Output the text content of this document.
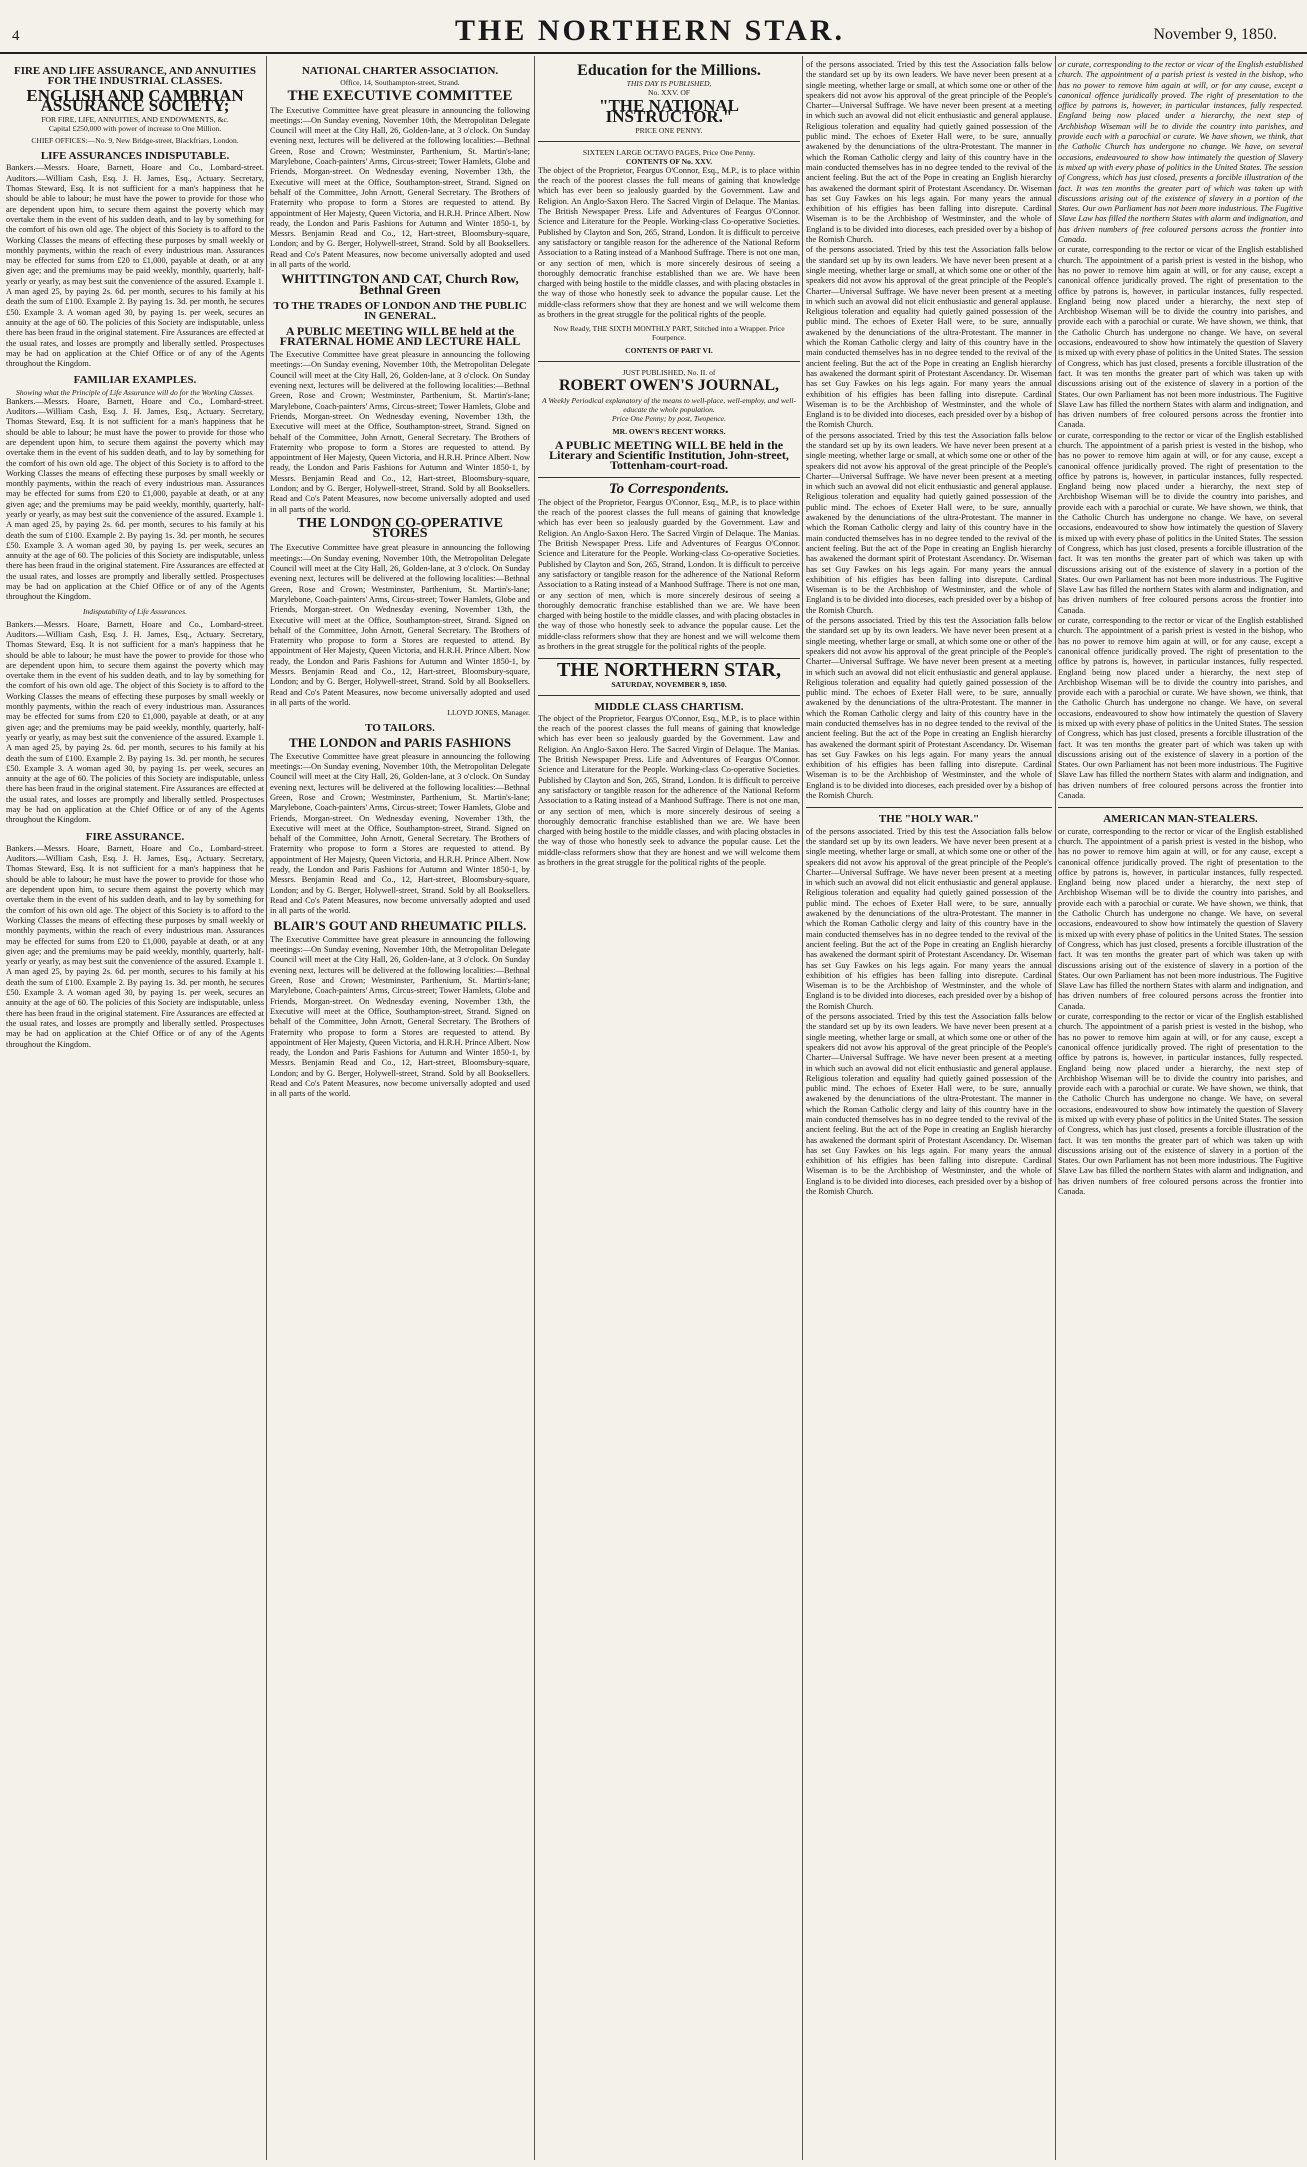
4	THE NORTHERN STAR.	November 9, 1850.
FIRE AND LIFE ASSURANCE, AND ANNUITIES FOR THE INDUSTRIAL CLASSES.
ENGLISH AND CAMBRIAN ASSURANCE SOCIETY;
FOR FIRE, LIFE, ANNUITIES, AND ENDOWMENTS, &c.
Capital £250,000 with power of increase to One Million.
CHIEF OFFICES:—No. 9, New Bridge-street, Blackfriars, London.
LIFE ASSURANCES INDISPUTABLE.
Bankers.—Messrs. Hoare, Barnett, Hoare and Co., Lombard-street. Auditors.—William Cash, Esq. J. H. James, Esq., Actuary. Secretary, Thomas Steward, Esq. It is not sufficient for a man's happiness that he should be able to labour; he must have the power to provide for those who are dependent upon him, to secure them against the poverty which may overtake them in the event of his sudden death, and to lay by something for the comfort of his own old age. The object of this Society is to afford to the Working Classes the means of effecting these purposes by small weekly or monthly payments, within the reach of every industrious man. Assurances may be effected for sums from £20 to £1,000, payable at death, or at any given age; and the premiums may be paid weekly, monthly, quarterly, half-yearly or yearly, as may best suit the convenience of the assured. Example 1. A man aged 25, by paying 2s. 6d. per month, secures to his family at his death the sum of £100. Example 2. By paying 1s. 3d. per month, he secures £50. Example 3. A woman aged 30, by paying 1s. per week, secures an annuity at the age of 60. The policies of this Society are indisputable, unless there has been fraud in the original statement. Fire Assurances are effected at the usual rates, and losses are promptly and liberally settled. Prospectuses may be had on application at the Chief Office or of any of the Agents throughout the Kingdom.
FAMILIAR EXAMPLES.
Showing what the Principle of Life Assurance will do for the Working Classes.
Bankers.—Messrs. Hoare, Barnett, Hoare and Co., Lombard-street. Auditors.—William Cash, Esq. J. H. James, Esq., Actuary. Secretary, Thomas Steward, Esq. It is not sufficient for a man's happiness that he should be able to labour; he must have the power to provide for those who are dependent upon him, to secure them against the poverty which may overtake them in the event of his sudden death, and to lay by something for the comfort of his own old age. The object of this Society is to afford to the Working Classes the means of effecting these purposes by small weekly or monthly payments, within the reach of every industrious man. Assurances may be effected for sums from £20 to £1,000, payable at death, or at any given age; and the premiums may be paid weekly, monthly, quarterly, half-yearly or yearly, as may best suit the convenience of the assured. Example 1. A man aged 25, by paying 2s. 6d. per month, secures to his family at his death the sum of £100. Example 2. By paying 1s. 3d. per month, he secures £50. Example 3. A woman aged 30, by paying 1s. per week, secures an annuity at the age of 60. The policies of this Society are indisputable, unless there has been fraud in the original statement. Fire Assurances are effected at the usual rates, and losses are promptly and liberally settled. Prospectuses may be had on application at the Chief Office or of any of the Agents throughout the Kingdom.
Indisputability of Life Assurances.
Bankers.—Messrs. Hoare, Barnett, Hoare and Co., Lombard-street. Auditors.—William Cash, Esq. J. H. James, Esq., Actuary. Secretary, Thomas Steward, Esq. It is not sufficient for a man's happiness that he should be able to labour; he must have the power to provide for those who are dependent upon him, to secure them against the poverty which may overtake them in the event of his sudden death, and to lay by something for the comfort of his own old age. The object of this Society is to afford to the Working Classes the means of effecting these purposes by small weekly or monthly payments, within the reach of every industrious man. Assurances may be effected for sums from £20 to £1,000, payable at death, or at any given age; and the premiums may be paid weekly, monthly, quarterly, half-yearly or yearly, as may best suit the convenience of the assured. Example 1. A man aged 25, by paying 2s. 6d. per month, secures to his family at his death the sum of £100. Example 2. By paying 1s. 3d. per month, he secures £50. Example 3. A woman aged 30, by paying 1s. per week, secures an annuity at the age of 60. The policies of this Society are indisputable, unless there has been fraud in the original statement. Fire Assurances are effected at the usual rates, and losses are promptly and liberally settled. Prospectuses may be had on application at the Chief Office or of any of the Agents throughout the Kingdom.
FIRE ASSURANCE.
Bankers.—Messrs. Hoare, Barnett, Hoare and Co., Lombard-street. Auditors.—William Cash, Esq. J. H. James, Esq., Actuary. Secretary, Thomas Steward, Esq. It is not sufficient for a man's happiness that he should be able to labour; he must have the power to provide for those who are dependent upon him, to secure them against the poverty which may overtake them in the event of his sudden death, and to lay by something for the comfort of his own old age. The object of this Society is to afford to the Working Classes the means of effecting these purposes by small weekly or monthly payments, within the reach of every industrious man. Assurances may be effected for sums from £20 to £1,000, payable at death, or at any given age; and the premiums may be paid weekly, monthly, quarterly, half-yearly or yearly, as may best suit the convenience of the assured. Example 1. A man aged 25, by paying 2s. 6d. per month, secures to his family at his death the sum of £100. Example 2. By paying 1s. 3d. per month, he secures £50. Example 3. A woman aged 30, by paying 1s. per week, secures an annuity at the age of 60. The policies of this Society are indisputable, unless there has been fraud in the original statement. Fire Assurances are effected at the usual rates, and losses are promptly and liberally settled. Prospectuses may be had on application at the Chief Office or of any of the Agents throughout the Kingdom.
NATIONAL CHARTER ASSOCIATION.
Office, 14, Southampton-street, Strand.
THE EXECUTIVE COMMITTEE
The Executive Committee have great pleasure in announcing the following meetings:—On Sunday evening, November 10th, the Metropolitan Delegate Council will meet at the City Hall, 26, Golden-lane, at 3 o'clock. On Sunday evening next, lectures will be delivered at the following localities:—Bethnal Green, Rose and Crown; Westminster, Parthenium, St. Martin's-lane; Marylebone, Coach-painters' Arms, Circus-street; Tower Hamlets, Globe and Friends, Morgan-street. On Wednesday evening, November 13th, the Executive will meet at the Office, Southampton-street, Strand. Signed on behalf of the Committee, John Arnott, General Secretary. The Brothers of Fraternity who propose to form a Stores are requested to attend. By appointment of Her Majesty, Queen Victoria, and H.R.H. Prince Albert. Now ready, the London and Paris Fashions for Autumn and Winter 1850-1, by Messrs. Benjamin Read and Co., 12, Hart-street, Bloomsbury-square, London; and by G. Berger, Holywell-street, Strand. Sold by all Booksellers. Read and Co's Patent Measures, now become universally adopted and used in all parts of the world.
WHITTINGTON AND CAT, Church Row, Bethnal Green
TO THE TRADES OF LONDON AND THE PUBLIC IN GENERAL.
A PUBLIC MEETING WILL BE held at the FRATERNAL HOME AND LECTURE HALL
The Executive Committee have great pleasure in announcing the following meetings:—On Sunday evening, November 10th, the Metropolitan Delegate Council will meet at the City Hall, 26, Golden-lane, at 3 o'clock. On Sunday evening next, lectures will be delivered at the following localities:—Bethnal Green, Rose and Crown; Westminster, Parthenium, St. Martin's-lane; Marylebone, Coach-painters' Arms, Circus-street; Tower Hamlets, Globe and Friends, Morgan-street. On Wednesday evening, November 13th, the Executive will meet at the Office, Southampton-street, Strand. Signed on behalf of the Committee, John Arnott, General Secretary. The Brothers of Fraternity who propose to form a Stores are requested to attend. By appointment of Her Majesty, Queen Victoria, and H.R.H. Prince Albert. Now ready, the London and Paris Fashions for Autumn and Winter 1850-1, by Messrs. Benjamin Read and Co., 12, Hart-street, Bloomsbury-square, London; and by G. Berger, Holywell-street, Strand. Sold by all Booksellers. Read and Co's Patent Measures, now become universally adopted and used in all parts of the world.
THE LONDON CO-OPERATIVE STORES
The Executive Committee have great pleasure in announcing the following meetings:—On Sunday evening, November 10th, the Metropolitan Delegate Council will meet at the City Hall, 26, Golden-lane, at 3 o'clock. On Sunday evening next, lectures will be delivered at the following localities:—Bethnal Green, Rose and Crown; Westminster, Parthenium, St. Martin's-lane; Marylebone, Coach-painters' Arms, Circus-street; Tower Hamlets, Globe and Friends, Morgan-street. On Wednesday evening, November 13th, the Executive will meet at the Office, Southampton-street, Strand. Signed on behalf of the Committee, John Arnott, General Secretary. The Brothers of Fraternity who propose to form a Stores are requested to attend. By appointment of Her Majesty, Queen Victoria, and H.R.H. Prince Albert. Now ready, the London and Paris Fashions for Autumn and Winter 1850-1, by Messrs. Benjamin Read and Co., 12, Hart-street, Bloomsbury-square, London; and by G. Berger, Holywell-street, Strand. Sold by all Booksellers. Read and Co's Patent Measures, now become universally adopted and used in all parts of the world.
LLOYD JONES, Manager.
TO TAILORS.
THE LONDON and PARIS FASHIONS
The Executive Committee have great pleasure in announcing the following meetings:—On Sunday evening, November 10th, the Metropolitan Delegate Council will meet at the City Hall, 26, Golden-lane, at 3 o'clock. On Sunday evening next, lectures will be delivered at the following localities:—Bethnal Green, Rose and Crown; Westminster, Parthenium, St. Martin's-lane; Marylebone, Coach-painters' Arms, Circus-street; Tower Hamlets, Globe and Friends, Morgan-street. On Wednesday evening, November 13th, the Executive will meet at the Office, Southampton-street, Strand. Signed on behalf of the Committee, John Arnott, General Secretary. The Brothers of Fraternity who propose to form a Stores are requested to attend. By appointment of Her Majesty, Queen Victoria, and H.R.H. Prince Albert. Now ready, the London and Paris Fashions for Autumn and Winter 1850-1, by Messrs. Benjamin Read and Co., 12, Hart-street, Bloomsbury-square, London; and by G. Berger, Holywell-street, Strand. Sold by all Booksellers. Read and Co's Patent Measures, now become universally adopted and used in all parts of the world.
BLAIR'S GOUT AND RHEUMATIC PILLS.
The Executive Committee have great pleasure in announcing the following meetings:—On Sunday evening, November 10th, the Metropolitan Delegate Council will meet at the City Hall, 26, Golden-lane, at 3 o'clock. On Sunday evening next, lectures will be delivered at the following localities:—Bethnal Green, Rose and Crown; Westminster, Parthenium, St. Martin's-lane; Marylebone, Coach-painters' Arms, Circus-street; Tower Hamlets, Globe and Friends, Morgan-street. On Wednesday evening, November 13th, the Executive will meet at the Office, Southampton-street, Strand. Signed on behalf of the Committee, John Arnott, General Secretary. The Brothers of Fraternity who propose to form a Stores are requested to attend. By appointment of Her Majesty, Queen Victoria, and H.R.H. Prince Albert. Now ready, the London and Paris Fashions for Autumn and Winter 1850-1, by Messrs. Benjamin Read and Co., 12, Hart-street, Bloomsbury-square, London; and by G. Berger, Holywell-street, Strand. Sold by all Booksellers. Read and Co's Patent Measures, now become universally adopted and used in all parts of the world.
Education for the Millions.
THIS DAY IS PUBLISHED,
No. XXV. OF
"THE NATIONAL INSTRUCTOR."
PRICE ONE PENNY.
SIXTEEN LARGE OCTAVO PAGES, Price One Penny.
CONTENTS OF No. XXV.
The object of the Proprietor, Feargus O'Connor, Esq., M.P., is to place within the reach of the poorest classes the full means of gaining that knowledge which has ever been so jealously guarded by the Government. Law and Religion. An Anglo-Saxon Hero. The Sacred Virgin of Delaque. The Manias. The British Newspaper Press. Life and Adventures of Feargus O'Connor. Science and Literature for the People. Working-class Co-operative Societies. Published by Clayton and Son, 265, Strand, London. It is difficult to perceive any satisfactory or tangible reason for the adherence of the National Reform Association to a Rating instead of a Manhood Suffrage. There is not one man, or any section of men, which is more sincerely desirous of seeing a thoroughly democratic franchise established than we are. We have been charged with being hostile to the middle classes, and with placing obstacles in the way of those who honestly seek to advance the popular cause. Let the middle-class reformers show that they are honest and we will welcome them as brothers in the great struggle for the political rights of the people.
Now Ready, THE SIXTH MONTHLY PART, Stitched into a Wrapper. Price Fourpence.
CONTENTS OF PART VI.
JUST PUBLISHED, No. II. of
ROBERT OWEN'S JOURNAL,
A Weekly Periodical explanatory of the means to well-place, well-employ, and well-educate the whole population.
Price One Penny; by post, Twopence.
MR. OWEN'S RECENT WORKS.
A PUBLIC MEETING WILL BE held in the Literary and Scientific Institution, John-street, Tottenham-court-road.
To Correspondents.
The object of the Proprietor, Feargus O'Connor, Esq., M.P., is to place within the reach of the poorest classes the full means of gaining that knowledge which has ever been so jealously guarded by the Government. Law and Religion. An Anglo-Saxon Hero. The Sacred Virgin of Delaque. The Manias. The British Newspaper Press. Life and Adventures of Feargus O'Connor. Science and Literature for the People. Working-class Co-operative Societies. Published by Clayton and Son, 265, Strand, London. It is difficult to perceive any satisfactory or tangible reason for the adherence of the National Reform Association to a Rating instead of a Manhood Suffrage. There is not one man, or any section of men, which is more sincerely desirous of seeing a thoroughly democratic franchise established than we are. We have been charged with being hostile to the middle classes, and with placing obstacles in the way of those who honestly seek to advance the popular cause. Let the middle-class reformers show that they are honest and we will welcome them as brothers in the great struggle for the political rights of the people.
THE NORTHERN STAR,
SATURDAY, NOVEMBER 9, 1850.
MIDDLE CLASS CHARTISM.
The object of the Proprietor, Feargus O'Connor, Esq., M.P., is to place within the reach of the poorest classes the full means of gaining that knowledge which has ever been so jealously guarded by the Government. Law and Religion. An Anglo-Saxon Hero. The Sacred Virgin of Delaque. The Manias. The British Newspaper Press. Life and Adventures of Feargus O'Connor. Science and Literature for the People. Working-class Co-operative Societies. Published by Clayton and Son, 265, Strand, London. It is difficult to perceive any satisfactory or tangible reason for the adherence of the National Reform Association to a Rating instead of a Manhood Suffrage. There is not one man, or any section of men, which is more sincerely desirous of seeing a thoroughly democratic franchise established than we are. We have been charged with being hostile to the middle classes, and with placing obstacles in the way of those who honestly seek to advance the popular cause. Let the middle-class reformers show that they are honest and we will welcome them as brothers in the great struggle for the political rights of the people.
of the persons associated. Tried by this test the Association falls below the standard set up by its own leaders. We have never been present at a single meeting, whether large or small, at which some one or other of the speakers did not avow his approval of the great principle of the People's Charter—Universal Suffrage. We have never been present at a meeting in which such an avowal did not elicit enthusiastic and general applause. Religious toleration and equality had quietly gained possession of the public mind. The echoes of Exeter Hall were, to be sure, annually awakened by the denunciations of the ultra-Protestant. The manner in which the Roman Catholic clergy and laity of this country have in the main conducted themselves has in no degree tended to the revival of the ancient feeling. But the act of the Pope in creating an English hierarchy has awakened the dormant spirit of Protestant Ascendancy. Dr. Wiseman has set Guy Fawkes on his legs again. For many years the annual exhibition of his effigies has been falling into disrepute. Cardinal Wiseman is to be the Archbishop of Westminster, and the whole of England is to be divided into dioceses, each presided over by a bishop of the Romish Church.
of the persons associated. Tried by this test the Association falls below the standard set up by its own leaders. We have never been present at a single meeting, whether large or small, at which some one or other of the speakers did not avow his approval of the great principle of the People's Charter—Universal Suffrage. We have never been present at a meeting in which such an avowal did not elicit enthusiastic and general applause. Religious toleration and equality had quietly gained possession of the public mind. The echoes of Exeter Hall were, to be sure, annually awakened by the denunciations of the ultra-Protestant. The manner in which the Roman Catholic clergy and laity of this country have in the main conducted themselves has in no degree tended to the revival of the ancient feeling. But the act of the Pope in creating an English hierarchy has awakened the dormant spirit of Protestant Ascendancy. Dr. Wiseman has set Guy Fawkes on his legs again. For many years the annual exhibition of his effigies has been falling into disrepute. Cardinal Wiseman is to be the Archbishop of Westminster, and the whole of England is to be divided into dioceses, each presided over by a bishop of the Romish Church.
of the persons associated. Tried by this test the Association falls below the standard set up by its own leaders. We have never been present at a single meeting, whether large or small, at which some one or other of the speakers did not avow his approval of the great principle of the People's Charter—Universal Suffrage. We have never been present at a meeting in which such an avowal did not elicit enthusiastic and general applause. Religious toleration and equality had quietly gained possession of the public mind. The echoes of Exeter Hall were, to be sure, annually awakened by the denunciations of the ultra-Protestant. The manner in which the Roman Catholic clergy and laity of this country have in the main conducted themselves has in no degree tended to the revival of the ancient feeling. But the act of the Pope in creating an English hierarchy has awakened the dormant spirit of Protestant Ascendancy. Dr. Wiseman has set Guy Fawkes on his legs again. For many years the annual exhibition of his effigies has been falling into disrepute. Cardinal Wiseman is to be the Archbishop of Westminster, and the whole of England is to be divided into dioceses, each presided over by a bishop of the Romish Church.
of the persons associated. Tried by this test the Association falls below the standard set up by its own leaders. We have never been present at a single meeting, whether large or small, at which some one or other of the speakers did not avow his approval of the great principle of the People's Charter—Universal Suffrage. We have never been present at a meeting in which such an avowal did not elicit enthusiastic and general applause. Religious toleration and equality had quietly gained possession of the public mind. The echoes of Exeter Hall were, to be sure, annually awakened by the denunciations of the ultra-Protestant. The manner in which the Roman Catholic clergy and laity of this country have in the main conducted themselves has in no degree tended to the revival of the ancient feeling. But the act of the Pope in creating an English hierarchy has awakened the dormant spirit of Protestant Ascendancy. Dr. Wiseman has set Guy Fawkes on his legs again. For many years the annual exhibition of his effigies has been falling into disrepute. Cardinal Wiseman is to be the Archbishop of Westminster, and the whole of England is to be divided into dioceses, each presided over by a bishop of the Romish Church.
THE "HOLY WAR."
of the persons associated. Tried by this test the Association falls below the standard set up by its own leaders. We have never been present at a single meeting, whether large or small, at which some one or other of the speakers did not avow his approval of the great principle of the People's Charter—Universal Suffrage. We have never been present at a meeting in which such an avowal did not elicit enthusiastic and general applause. Religious toleration and equality had quietly gained possession of the public mind. The echoes of Exeter Hall were, to be sure, annually awakened by the denunciations of the ultra-Protestant. The manner in which the Roman Catholic clergy and laity of this country have in the main conducted themselves has in no degree tended to the revival of the ancient feeling. But the act of the Pope in creating an English hierarchy has awakened the dormant spirit of Protestant Ascendancy. Dr. Wiseman has set Guy Fawkes on his legs again. For many years the annual exhibition of his effigies has been falling into disrepute. Cardinal Wiseman is to be the Archbishop of Westminster, and the whole of England is to be divided into dioceses, each presided over by a bishop of the Romish Church.
of the persons associated. Tried by this test the Association falls below the standard set up by its own leaders. We have never been present at a single meeting, whether large or small, at which some one or other of the speakers did not avow his approval of the great principle of the People's Charter—Universal Suffrage. We have never been present at a meeting in which such an avowal did not elicit enthusiastic and general applause. Religious toleration and equality had quietly gained possession of the public mind. The echoes of Exeter Hall were, to be sure, annually awakened by the denunciations of the ultra-Protestant. The manner in which the Roman Catholic clergy and laity of this country have in the main conducted themselves has in no degree tended to the revival of the ancient feeling. But the act of the Pope in creating an English hierarchy has awakened the dormant spirit of Protestant Ascendancy. Dr. Wiseman has set Guy Fawkes on his legs again. For many years the annual exhibition of his effigies has been falling into disrepute. Cardinal Wiseman is to be the Archbishop of Westminster, and the whole of England is to be divided into dioceses, each presided over by a bishop of the Romish Church.
or curate, corresponding to the rector or vicar of the English established church. The appointment of a parish priest is vested in the bishop, who has no power to remove him again at will, or for any cause, except a canonical offence juridically proved. The right of presentation to the office by patrons is, however, in particular instances, fully respected. England being now placed under a hierarchy, the next step of Archbishop Wiseman will be to divide the country into parishes, and provide each with a parochial or curate. We have shown, we think, that the Catholic Church has undergone no change. We have, on several occasions, endeavoured to show how intimately the question of Slavery is mixed up with every phase of politics in the United States. The session of Congress, which has just closed, presents a forcible illustration of the fact. It was ten months the greater part of which was taken up with discussions arising out of the existence of slavery in a portion of the States. Our own Parliament has not been more industrious. The Fugitive Slave Law has filled the northern States with alarm and indignation, and has driven numbers of free coloured persons across the frontier into Canada.
or curate, corresponding to the rector or vicar of the English established church. The appointment of a parish priest is vested in the bishop, who has no power to remove him again at will, or for any cause, except a canonical offence juridically proved. The right of presentation to the office by patrons is, however, in particular instances, fully respected. England being now placed under a hierarchy, the next step of Archbishop Wiseman will be to divide the country into parishes, and provide each with a parochial or curate. We have shown, we think, that the Catholic Church has undergone no change. We have, on several occasions, endeavoured to show how intimately the question of Slavery is mixed up with every phase of politics in the United States. The session of Congress, which has just closed, presents a forcible illustration of the fact. It was ten months the greater part of which was taken up with discussions arising out of the existence of slavery in a portion of the States. Our own Parliament has not been more industrious. The Fugitive Slave Law has filled the northern States with alarm and indignation, and has driven numbers of free coloured persons across the frontier into Canada.
or curate, corresponding to the rector or vicar of the English established church. The appointment of a parish priest is vested in the bishop, who has no power to remove him again at will, or for any cause, except a canonical offence juridically proved. The right of presentation to the office by patrons is, however, in particular instances, fully respected. England being now placed under a hierarchy, the next step of Archbishop Wiseman will be to divide the country into parishes, and provide each with a parochial or curate. We have shown, we think, that the Catholic Church has undergone no change. We have, on several occasions, endeavoured to show how intimately the question of Slavery is mixed up with every phase of politics in the United States. The session of Congress, which has just closed, presents a forcible illustration of the fact. It was ten months the greater part of which was taken up with discussions arising out of the existence of slavery in a portion of the States. Our own Parliament has not been more industrious. The Fugitive Slave Law has filled the northern States with alarm and indignation, and has driven numbers of free coloured persons across the frontier into Canada.
or curate, corresponding to the rector or vicar of the English established church. The appointment of a parish priest is vested in the bishop, who has no power to remove him again at will, or for any cause, except a canonical offence juridically proved. The right of presentation to the office by patrons is, however, in particular instances, fully respected. England being now placed under a hierarchy, the next step of Archbishop Wiseman will be to divide the country into parishes, and provide each with a parochial or curate. We have shown, we think, that the Catholic Church has undergone no change. We have, on several occasions, endeavoured to show how intimately the question of Slavery is mixed up with every phase of politics in the United States. The session of Congress, which has just closed, presents a forcible illustration of the fact. It was ten months the greater part of which was taken up with discussions arising out of the existence of slavery in a portion of the States. Our own Parliament has not been more industrious. The Fugitive Slave Law has filled the northern States with alarm and indignation, and has driven numbers of free coloured persons across the frontier into Canada.
AMERICAN MAN-STEALERS.
or curate, corresponding to the rector or vicar of the English established church. The appointment of a parish priest is vested in the bishop, who has no power to remove him again at will, or for any cause, except a canonical offence juridically proved. The right of presentation to the office by patrons is, however, in particular instances, fully respected. England being now placed under a hierarchy, the next step of Archbishop Wiseman will be to divide the country into parishes, and provide each with a parochial or curate. We have shown, we think, that the Catholic Church has undergone no change. We have, on several occasions, endeavoured to show how intimately the question of Slavery is mixed up with every phase of politics in the United States. The session of Congress, which has just closed, presents a forcible illustration of the fact. It was ten months the greater part of which was taken up with discussions arising out of the existence of slavery in a portion of the States. Our own Parliament has not been more industrious. The Fugitive Slave Law has filled the northern States with alarm and indignation, and has driven numbers of free coloured persons across the frontier into Canada.
or curate, corresponding to the rector or vicar of the English established church. The appointment of a parish priest is vested in the bishop, who has no power to remove him again at will, or for any cause, except a canonical offence juridically proved. The right of presentation to the office by patrons is, however, in particular instances, fully respected. England being now placed under a hierarchy, the next step of Archbishop Wiseman will be to divide the country into parishes, and provide each with a parochial or curate. We have shown, we think, that the Catholic Church has undergone no change. We have, on several occasions, endeavoured to show how intimately the question of Slavery is mixed up with every phase of politics in the United States. The session of Congress, which has just closed, presents a forcible illustration of the fact. It was ten months the greater part of which was taken up with discussions arising out of the existence of slavery in a portion of the States. Our own Parliament has not been more industrious. The Fugitive Slave Law has filled the northern States with alarm and indignation, and has driven numbers of free coloured persons across the frontier into Canada.
